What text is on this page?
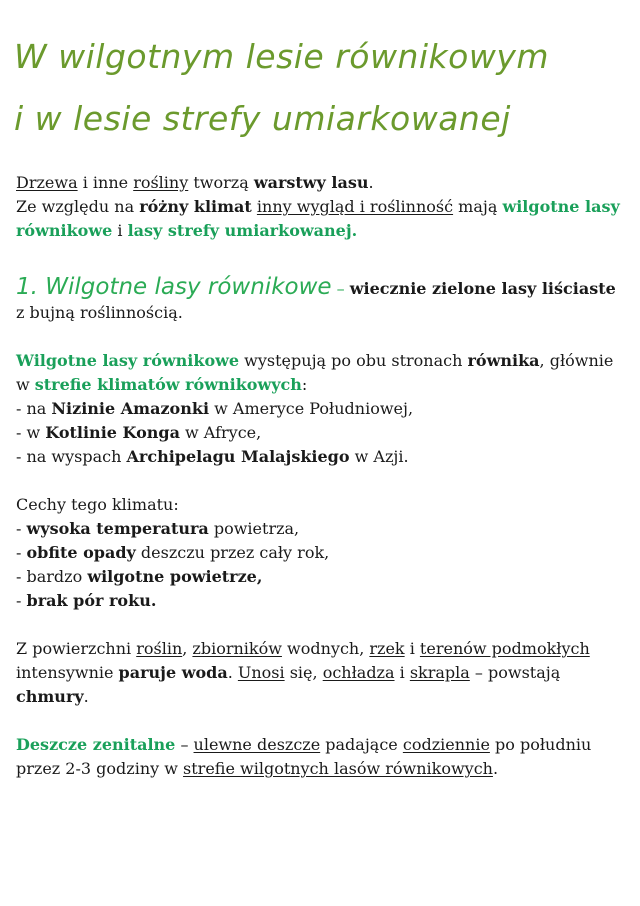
W wilgotnym lesie równikowym
i w lesie strefy umiarkowanej

Drzewa i inne rośliny tworzą warstwy lasu.
Ze względu na różny klimat inny wygląd i roślinność mają wilgotne lasy równikowe i lasy strefy umiarkowanej.

1. Wilgotne lasy równikowe – wiecznie zielone lasy liściaste z bujną roślinnością.

Wilgotne lasy równikowe występują po obu stronach równika, głównie w strefie klimatów równikowych:

- na Nizinie Amazonki w Ameryce Południowej,

- w Kotlinie Konga w Afryce,

- na wyspach Archipelagu Malajskiego w Azji.

Cechy tego klimatu:

- wysoka temperatura powietrza,

- obfite opady deszczu przez cały rok,

- bardzo wilgotne powietrze,

- brak pór roku.

Z powierzchni roślin, zbiorników wodnych, rzek i terenów podmokłych intensywnie paruje woda. Unosi się, ochładza i skrapla – powstają chmury.

Deszcze zenitalne – ulewne deszcze padające codziennie po południu przez 2-3 godziny w strefie wilgotnych lasów równikowych.
